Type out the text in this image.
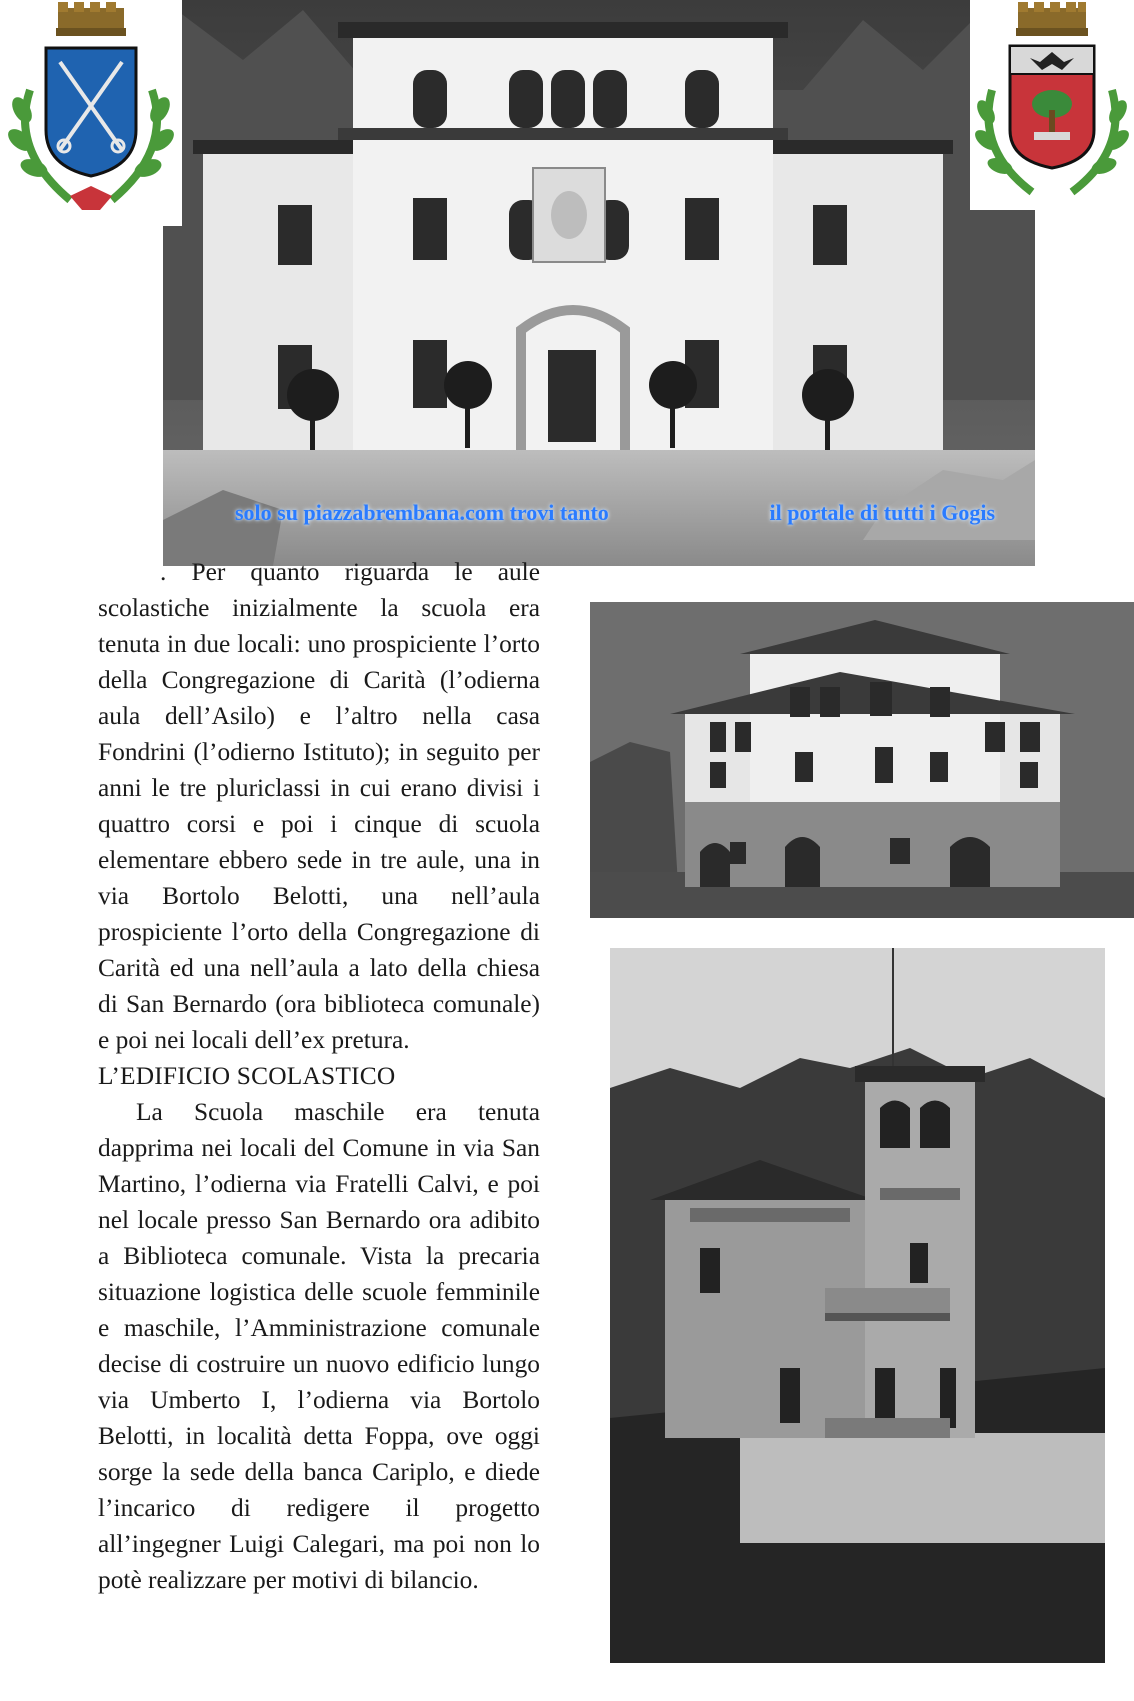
solo su piazzabrembana.com trovi tanto	il portale di tutti i Gogis

. Per quanto riguarda le aule scolastiche inizialmente la scuola era tenuta in due locali: uno prospiciente l’orto della Congregazione di Carità (l’odierna aula dell’Asilo) e l’altro nella casa Fondrini (l’odierno Istituto); in seguito per anni le tre pluriclassi in cui erano divisi i quattro corsi e poi i cinque di scuola elementare ebbero sede in tre aule, una in via Bortolo Belotti, una nell’aula prospiciente l’orto della Congregazione di Carità ed una nell’aula a lato della chiesa di San Bernardo (ora biblioteca comunale) e poi nei locali dell’ex pretura.

L’EDIFICIO SCOLASTICO

La Scuola maschile era tenuta dapprima nei locali del Comune in via San Martino, l’odierna via Fratelli Calvi, e poi nel locale presso San Bernardo ora adibito a Biblioteca comunale. Vista la precaria situazione logistica delle scuole femminile e maschile, l’Amministrazione comunale decise di costruire un nuovo edificio lungo via Umberto I, l’odierna via Bortolo Belotti, in località detta Foppa, ove oggi sorge la sede della banca Cariplo, e diede l’incarico di redigere il progetto all’ingegner Luigi Calegari, ma poi non lo potè realizzare per motivi di bilancio.
